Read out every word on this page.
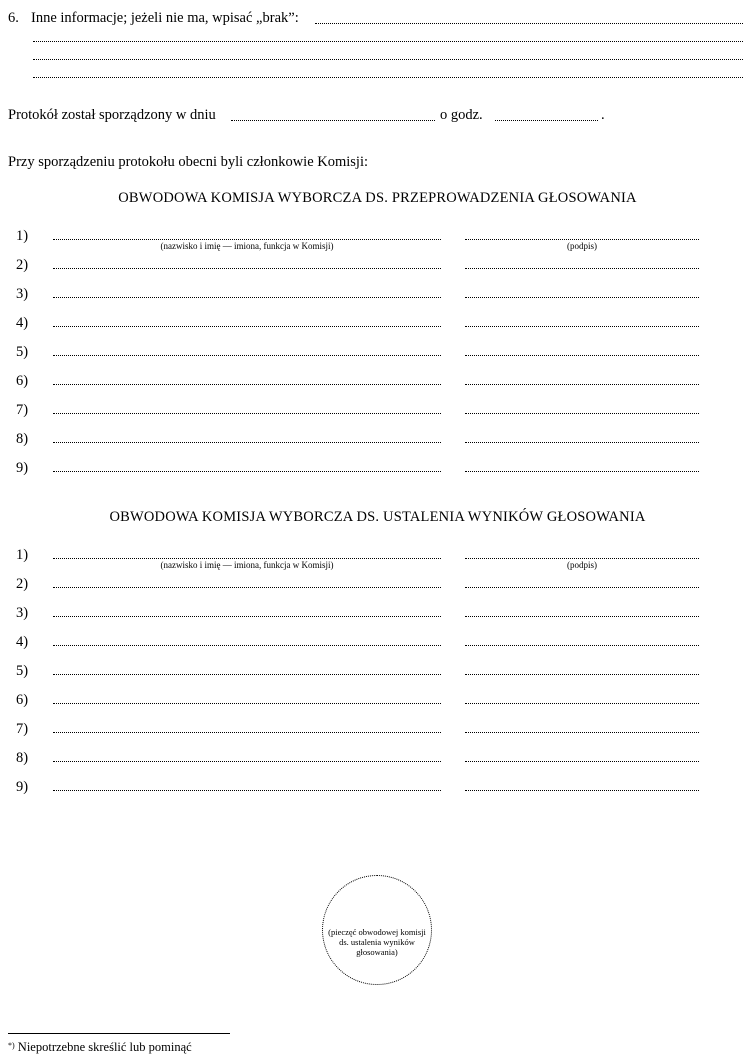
6. Inne informacje; jeżeli nie ma, wpisać „brak”:
Protokół został sporządzony w dniu	o godz.	.
Przy sporządzeniu protokołu obecni byli członkowie Komisji:
OBWODOWA KOMISJA WYBORCZA DS. PRZEPROWADZENIA GŁOSOWANIA
1)
(nazwisko i imię — imiona, funkcja w Komisji)	(podpis)
2)
3)
4)
5)
6)
7)
8)
9)
OBWODOWA KOMISJA WYBORCZA DS. USTALENIA WYNIKÓW GŁOSOWANIA
1)
(nazwisko i imię — imiona, funkcja w Komisji)	(podpis)
2)
3)
4)
5)
6)
7)
8)
9)
(pieczęć obwodowej komisji
ds. ustalenia wyników
głosowania)
*) Niepotrzebne skreślić lub pominąć
